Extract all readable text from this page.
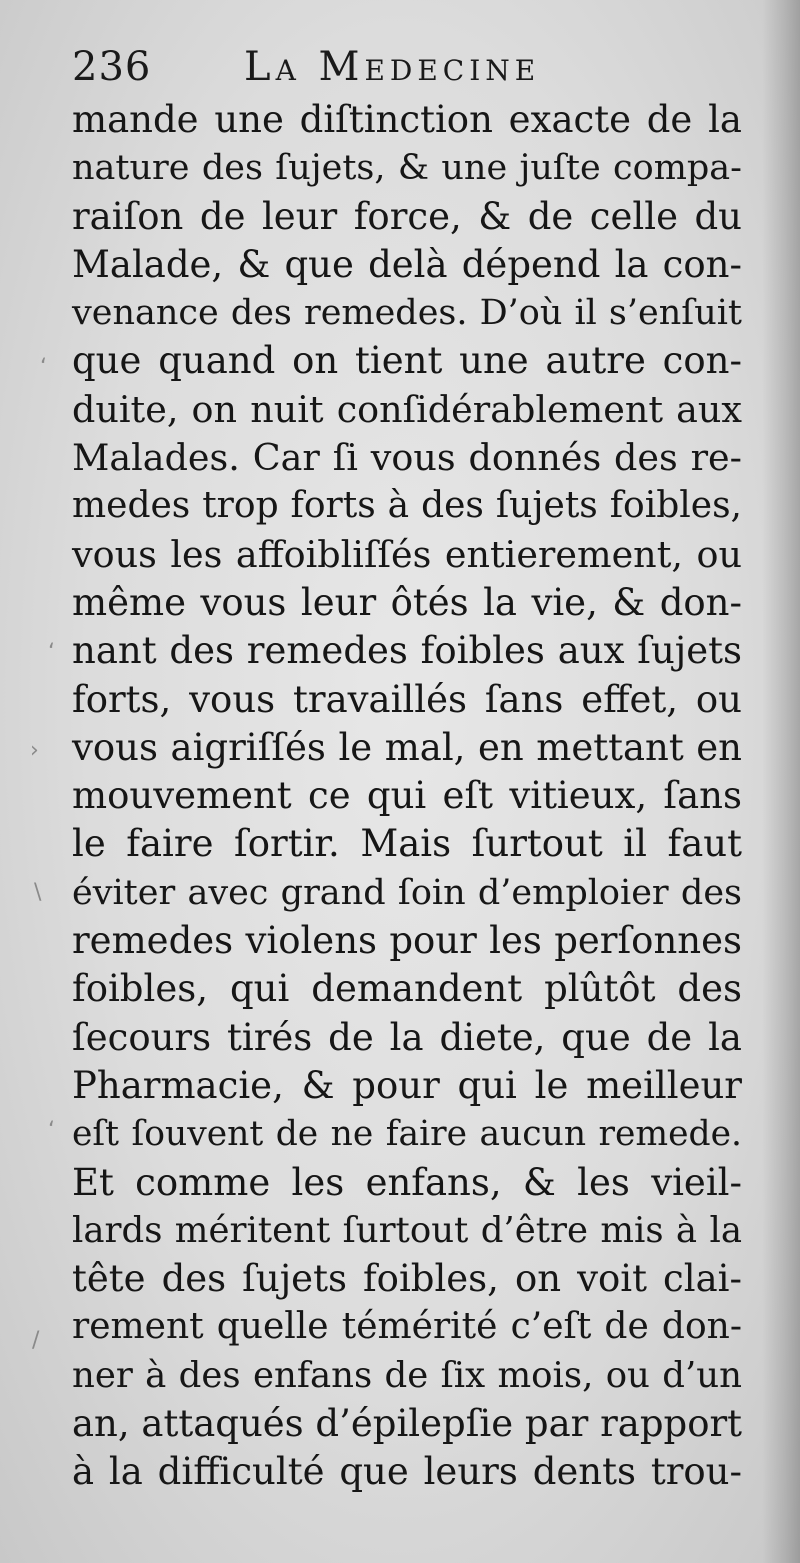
236 La Medecine
‘
‘
›
\
‘
/
mande une diſtinction exacte de la
nature des ſujets, & une juſte compa-
raiſon de leur force, & de celle du
Malade, & que delà dépend la con-
venance des remedes. D’où il s’enſuit
que quand on tient une autre con-
duite, on nuit conſidérablement aux
Malades. Car ſi vous donnés des re-
medes trop forts à des ſujets foibles,
vous les affoibliſſés entierement, ou
même vous leur ôtés la vie, & don-
nant des remedes foibles aux ſujets
forts, vous travaillés ſans effet, ou
vous aigriſſés le mal, en mettant en
mouvement ce qui eſt vitieux, ſans
le faire ſortir. Mais ſurtout il faut
éviter avec grand ſoin d’emploier des
remedes violens pour les perſonnes
foibles, qui demandent plûtôt des
ſecours tirés de la diete, que de la
Pharmacie, & pour qui le meilleur
eſt ſouvent de ne faire aucun remede.
Et comme les enfans, & les vieil-
lards méritent ſurtout d’être mis à la
tête des ſujets foibles, on voit clai-
rement quelle témérité c’eſt de don-
ner à des enfans de ſix mois, ou d’un
an, attaqués d’épilepſie par rapport
à la difficulté que leurs dents trou-
